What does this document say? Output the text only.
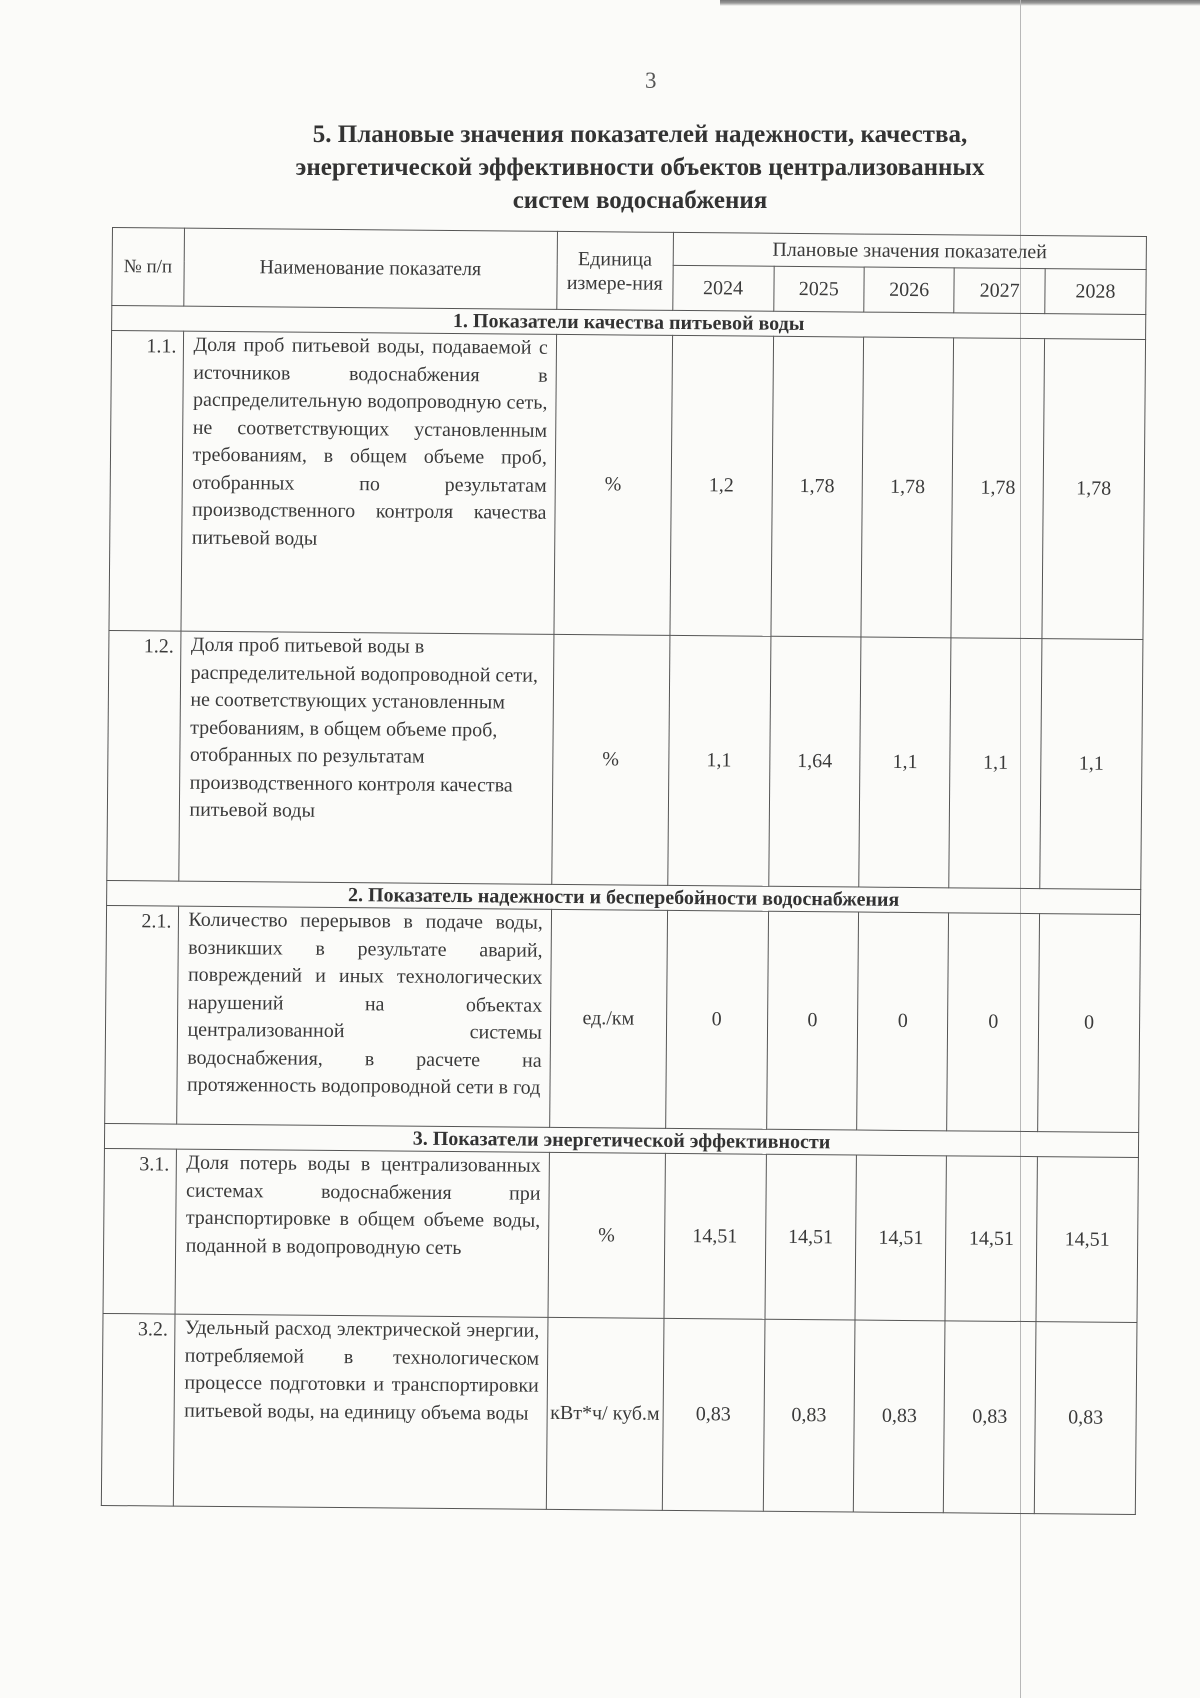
3
5. Плановые значения показателей надежности, качества,
энергетической эффективности объектов централизованных
систем водоснабжения
№ п/п	Наименование показателя	Единица измере-ния	Плановые значения показателей				
			2024	2025	2026	2027	2028
1. Показатели качества питьевой воды							
1.1.	Доля проб питьевой воды, подаваемой с источников водоснабжения в распределительную водопроводную сеть, не соответствующих установленным требованиям, в общем объеме проб, отобранных по результатам производственного контроля качества питьевой воды	%	1,2	1,78	1,78	1,78	1,78
1.2.	Доля проб питьевой воды в распределительной водопроводной сети, не соответствующих установленным требованиям, в общем объеме проб, отобранных по результатам производственного контроля качества питьевой воды	%	1,1	1,64	1,1	1,1	1,1
2. Показатель надежности и бесперебойности водоснабжения							
2.1.	Количество перерывов в подаче воды, возникших в результате аварий, повреждений и иных технологических нарушений на объектах централизованной системы водоснабжения, в расчете на протяженность водопроводной сети в год	ед./км	0	0	0	0	0
3. Показатели энергетической эффективности							
3.1.	Доля потерь воды в централизованных системах водоснабжения при транспортировке в общем объеме воды, поданной в водопроводную сеть	%	14,51	14,51	14,51	14,51	14,51
3.2.	Удельный расход электрической энергии, потребляемой в технологическом процессе подготовки и транспортировки питьевой воды, на единицу объема воды	кВт*ч/ куб.м	0,83	0,83	0,83	0,83	0,83
